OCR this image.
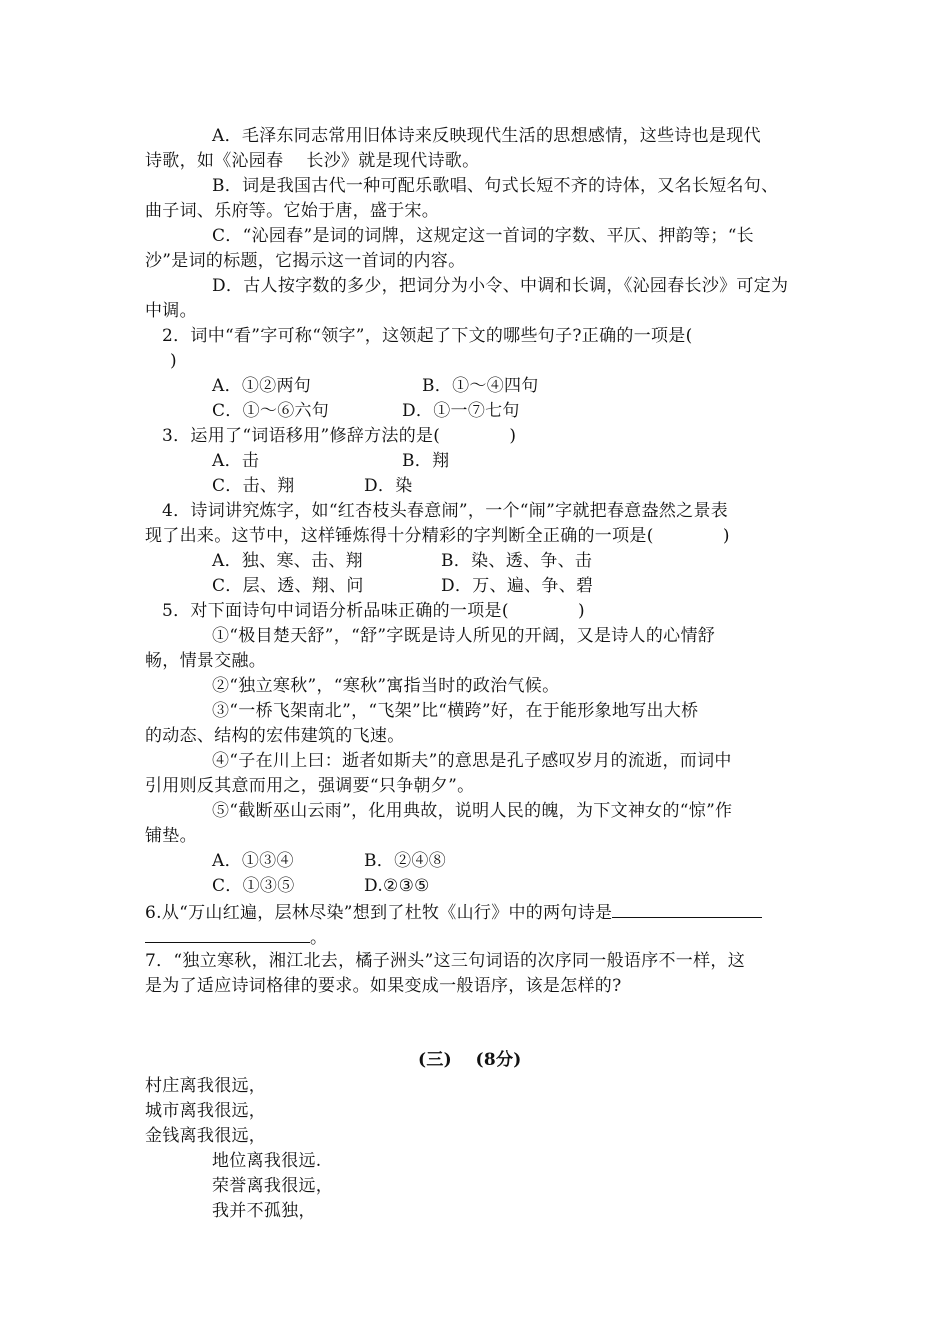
A．毛泽东同志常用旧体诗来反映现代生活的思想感情，这些诗也是现代
诗歌，如《沁园春　 长沙》就是现代诗歌。
B．词是我国古代一种可配乐歌唱、句式长短不齐的诗体，又名长短名句、
曲子词、乐府等。它始于唐，盛于宋。
C．“沁园春”是词的词牌，这规定这一首词的字数、平仄、押韵等；“长
沙”是词的标题，它揭示这一首词的内容。
D．古人按字数的多少，把词分为小令、中调和长调，《沁园春长沙》可定为
中调。
2．词中“看”字可称“领字”，这领起了下文的哪些句子?正确的一项是(
)
A．①②两句	B．①～④四句
C．①～⑥六句	D．①一⑦七句
3．运用了“词语移用”修辞方法的是(　　　　)
A．击	B．翔
C．击、翔	D．染
4．诗词讲究炼字，如“红杏枝头春意闹”，一个“闹”字就把春意盎然之景表
现了出来。这节中，这样锤炼得十分精彩的字判断全正确的一项是(　　　　)
A．独、寒、击、翔	B．染、透、争、击
C．层、透、翔、问	D．万、遍、争、碧
5．对下面诗句中词语分析品味正确的一项是(　　　　)
①“极目楚天舒”，“舒”字既是诗人所见的开阔，又是诗人的心情舒
畅，情景交融。
②“独立寒秋”，“寒秋”寓指当时的政治气候。
③“一桥飞架南北”，“飞架”比“横跨”好，在于能形象地写出大桥
的动态、结构的宏伟建筑的飞速。
④“子在川上曰：逝者如斯夫”的意思是孔子感叹岁月的流逝，而词中
引用则反其意而用之，强调要“只争朝夕”。
⑤“截断巫山云雨”，化用典故，说明人民的魄，为下文神女的“惊”作
铺垫。
A．①③④	B．②④⑧
C．①③⑤	D.②③⑤
6.从“万山红遍，层林尽染”想到了杜牧《山行》中的两句诗是
。
7．“独立寒秋，湘江北去，橘子洲头”这三句词语的次序同一般语序不一样，这
是为了适应诗词格律的要求。如果变成一般语序，该是怎样的?
(三)　 (8分)
村庄离我很远，
城市离我很远，
金钱离我很远，
地位离我很远.
荣誉离我很远，
我并不孤独，
